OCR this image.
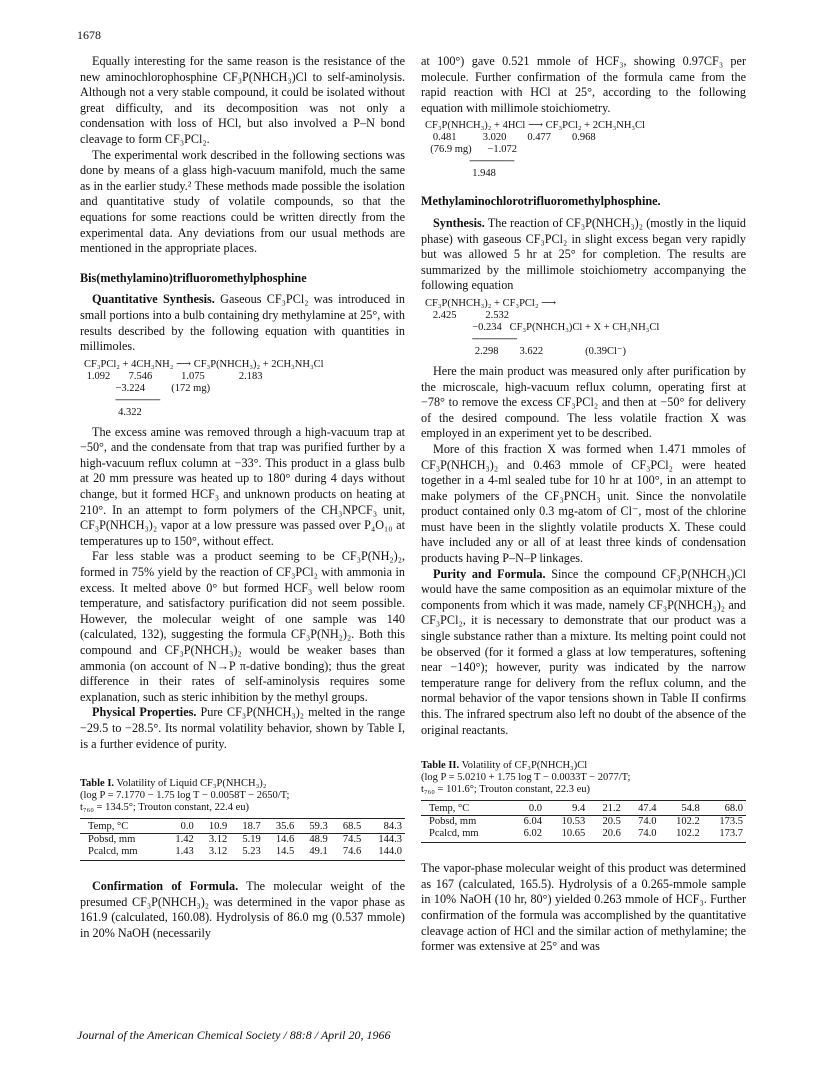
1678

Equally interesting for the same reason is the resistance of the new aminochlorophosphine CF₃P(NHCH₃)Cl to self-aminolysis. Although not a very stable compound, it could be isolated without great difficulty, and its decomposition was not only a condensation with loss of HCl, but also involved a P–N bond cleavage to form CF₃PCl₂.

The experimental work described in the following sections was done by means of a glass high-vacuum manifold, much the same as in the earlier study.² These methods made possible the isolation and quantitative study of volatile compounds, so that the equations for some reactions could be written directly from the experimental data. Any deviations from our usual methods are mentioned in the appropriate places.

Bis(methylamino)trifluoromethylphosphine

Quantitative Synthesis. Gaseous CF₃PCl₂ was introduced in small portions into a bulb containing dry methylamine at 25°, with results described by the following equation with quantities in millimoles.

CF₃PCl₂ + 4CH₃NH₂ ⟶ CF₃P(NHCH₃)₂ + 2CH₃NH₃Cl
1.092       7.546           1.075             2.183
−3.224          (172 mg)
──────
4.322

The excess amine was removed through a high-vacuum trap at −50°, and the condensate from that trap was purified further by a high-vacuum reflux column at −33°. This product in a glass bulb at 20 mm pressure was heated up to 180° during 4 days without change, but it formed HCF₃ and unknown products on heating at 210°. In an attempt to form polymers of the CH₃NPCF₃ unit, CF₃P(NHCH₃)₂ vapor at a low pressure was passed over P₄O₁₀ at temperatures up to 150°, without effect.

Far less stable was a product seeming to be CF₃P(NH₂)₂, formed in 75% yield by the reaction of CF₃PCl₂ with ammonia in excess. It melted above 0° but formed HCF₃ well below room temperature, and satisfactory purification did not seem possible. However, the molecular weight of one sample was 140 (calculated, 132), suggesting the formula CF₃P(NH₂)₂. Both this compound and CF₃P(NHCH₃)₂ would be weaker bases than ammonia (on account of N→P π-dative bonding); thus the great difference in their rates of self-aminolysis requires some explanation, such as steric inhibition by the methyl groups.

Physical Properties. Pure CF₃P(NHCH₃)₂ melted in the range −29.5 to −28.5°. Its normal volatility behavior, shown by Table I, is a further evidence of purity.

Table I. Volatility of Liquid CF₃P(NHCH₃)₂
(log P = 7.1770 − 1.75 log T − 0.0058T − 2650/T;
t₇₆₀ = 134.5°; Trouton constant, 22.4 eu)
Temp, °C	0.0	10.9	18.7	35.6	59.3	68.5	84.3
Pobsd, mm	1.42	3.12	5.19	14.6	48.9	74.5	144.3
Pcalcd, mm	1.43	3.12	5.23	14.5	49.1	74.6	144.0

Confirmation of Formula. The molecular weight of the presumed CF₃P(NHCH₃)₂ was determined in the vapor phase as 161.9 (calculated, 160.08). Hydrolysis of 86.0 mg (0.537 mmole) in 20% NaOH (necessarily

at 100°) gave 0.521 mmole of HCF₃, showing 0.97CF₃ per molecule. Further confirmation of the formula came from the rapid reaction with HCl at 25°, according to the following equation with millimole stoichiometry.

CF₃P(NHCH₃)₂ + 4HCl ⟶ CF₃PCl₂ + 2CH₃NH₃Cl
0.481          3.020        0.477        0.968
(76.9 mg)      −1.072
──────
1.948
Methylaminochlorotrifluoromethylphosphine.

Synthesis. The reaction of CF₃P(NHCH₃)₂ (mostly in the liquid phase) with gaseous CF₃PCl₂ in slight excess began very rapidly but was allowed 5 hr at 25° for completion. The results are summarized by the millimole stoichiometry accompanying the following equation

CF₃P(NHCH₃)₂ + CF₃PCl₂ ⟶
2.425           2.532
−0.234   CF₃P(NHCH₃)Cl + X + CH₃NH₃Cl
──────
2.298        3.622                (0.39Cl⁻)

Here the main product was measured only after purification by the microscale, high-vacuum reflux column, operating first at −78° to remove the excess CF₃PCl₂ and then at −50° for delivery of the desired compound. The less volatile fraction X was employed in an experiment yet to be described.

More of this fraction X was formed when 1.471 mmoles of CF₃P(NHCH₃)₂ and 0.463 mmole of CF₃PCl₂ were heated together in a 4-ml sealed tube for 10 hr at 100°, in an attempt to make polymers of the CF₃PNCH₃ unit. Since the nonvolatile product contained only 0.3 mg-atom of Cl⁻, most of the chlorine must have been in the slightly volatile products X. These could have included any or all of at least three kinds of condensation products having P–N–P linkages.

Purity and Formula. Since the compound CF₃P(NHCH₃)Cl would have the same composition as an equimolar mixture of the components from which it was made, namely CF₃P(NHCH₃)₂ and CF₃PCl₂, it is necessary to demonstrate that our product was a single substance rather than a mixture. Its melting point could not be observed (for it formed a glass at low temperatures, softening near −140°); however, purity was indicated by the narrow temperature range for delivery from the reflux column, and the normal behavior of the vapor tensions shown in Table II confirms this. The infrared spectrum also left no doubt of the absence of the original reactants.

Table II. Volatility of CF₃P(NHCH₃)Cl
(log P = 5.0210 + 1.75 log T − 0.0033T − 2077/T;
t₇₆₀ = 101.6°; Trouton constant, 22.3 eu)
Temp, °C	0.0	9.4	21.2	47.4	54.8	68.0
Pobsd, mm	6.04	10.53	20.5	74.0	102.2	173.5
Pcalcd, mm	6.02	10.65	20.6	74.0	102.2	173.7

The vapor-phase molecular weight of this product was determined as 167 (calculated, 165.5). Hydrolysis of a 0.265-mmole sample in 10% NaOH (10 hr, 80°) yielded 0.263 mmole of HCF₃. Further confirmation of the formula was accomplished by the quantitative cleavage action of HCl and the similar action of methylamine; the former was extensive at 25° and was

Journal of the American Chemical Society / 88:8 / April 20, 1966
